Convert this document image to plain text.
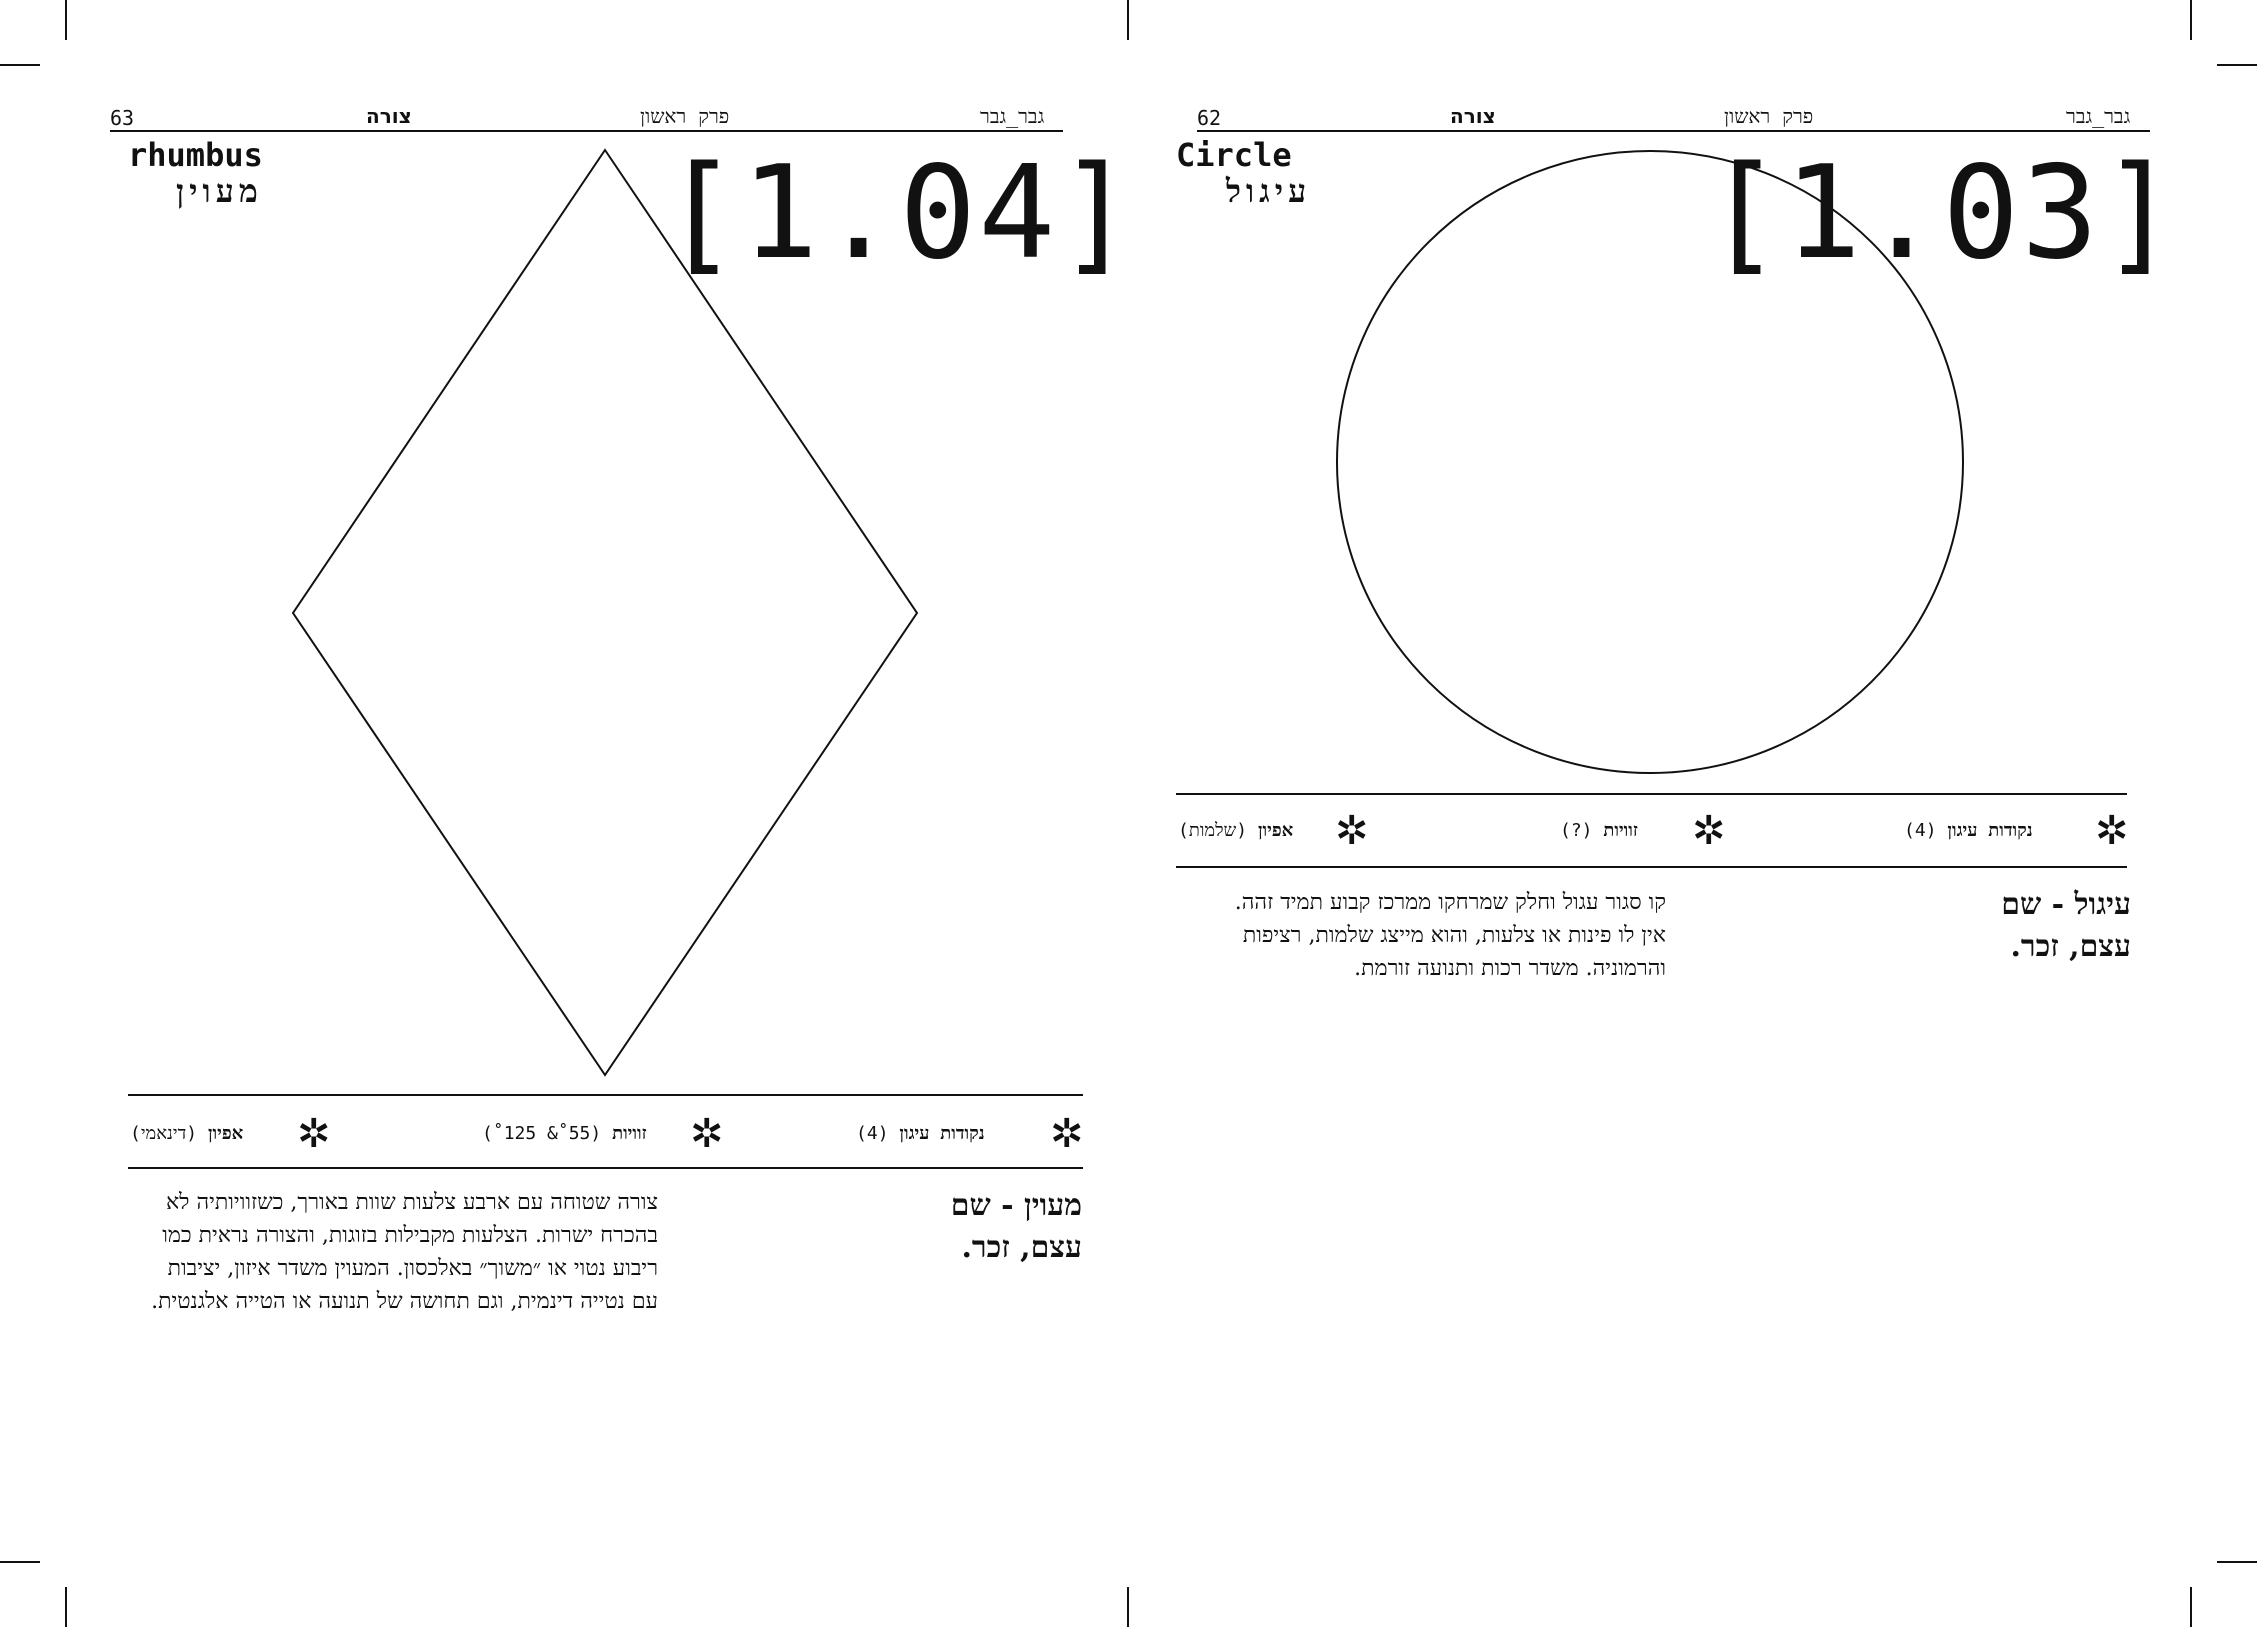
63	צורה	פרק ראשון	גבר_גבר
[1.04]
rhumbus
מעוין
✲
נקודות עיגון (4)
✲
זוויות (55˚& 125˚)
✲
אפיון (דינאמי)
מעוין - שם
עצם, זכר.
צורה שטוחה עם ארבע צלעות שוות באורך, כשזוויותיה לא
בהכרח ישרות. הצלעות מקבילות בזוגות, והצורה נראית כמו
ריבוע נטוי או ״משוך״ באלכסון. המעוין משדר איזון, יציבות
עם נטייה דינמית, וגם תחושה של תנועה או הטייה אלגנטית.
62	צורה	פרק ראשון	גבר_גבר
Circle
עיגול	[1.03]
✲
נקודות עיגון (4)
✲
זוויות (?)
✲
אפיון (שלמות)
עיגול - שם
עצם, זכר.
קו סגור עגול וחלק שמרחקו ממרכז קבוע תמיד זהה.
אין לו פינות או צלעות, והוא מייצג שלמות, רציפות
והרמוניה. משדר רכות ותנועה זורמת.
